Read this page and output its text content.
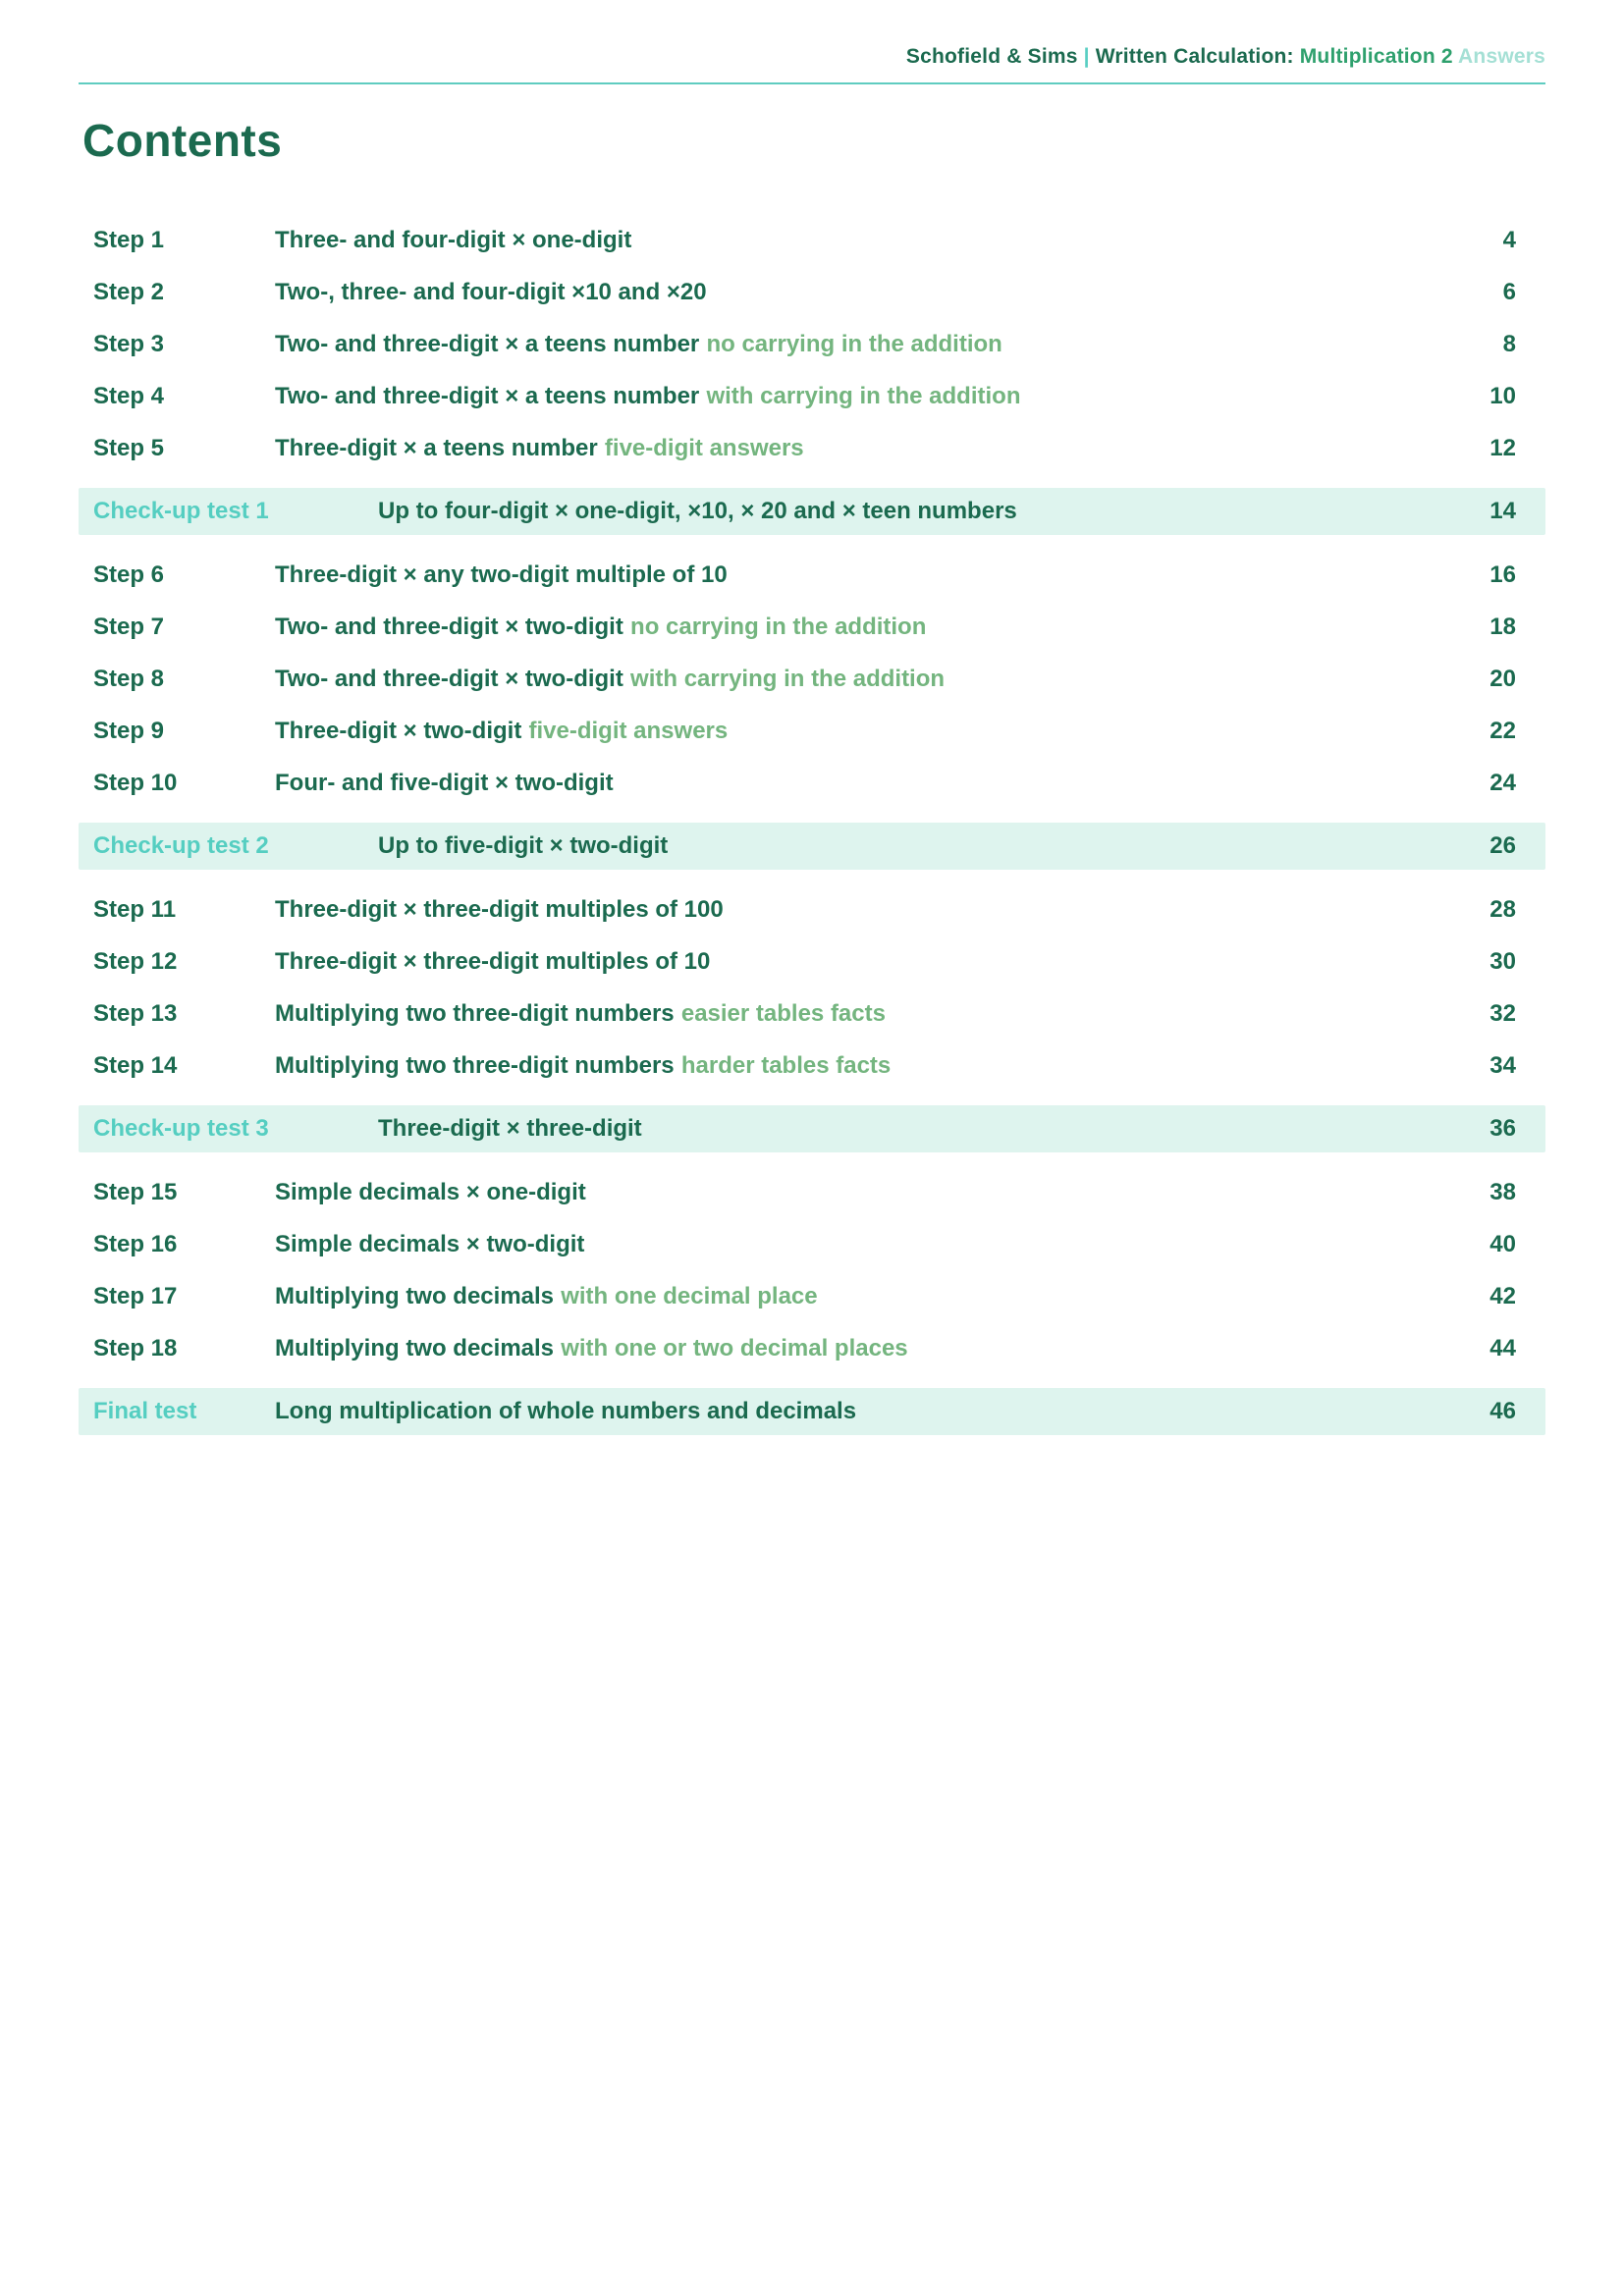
Schofield & Sims | Written Calculation: Multiplication 2 Answers
Contents
Step 1	Three- and four-digit × one-digit	4
Step 2	Two-, three- and four-digit ×10 and ×20	6
Step 3	Two- and three-digit × a teens number no carrying in the addition	8
Step 4	Two- and three-digit × a teens number with carrying in the addition	10
Step 5	Three-digit × a teens number five-digit answers	12
Check-up test 1	Up to four-digit × one-digit, ×10, × 20 and × teen numbers	14
Step 6	Three-digit × any two-digit multiple of 10	16
Step 7	Two- and three-digit × two-digit no carrying in the addition	18
Step 8	Two- and three-digit × two-digit with carrying in the addition	20
Step 9	Three-digit × two-digit five-digit answers	22
Step 10	Four- and five-digit × two-digit	24
Check-up test 2	Up to five-digit × two-digit	26
Step 11	Three-digit × three-digit multiples of 100	28
Step 12	Three-digit × three-digit multiples of 10	30
Step 13	Multiplying two three-digit numbers easier tables facts	32
Step 14	Multiplying two three-digit numbers harder tables facts	34
Check-up test 3	Three-digit × three-digit	36
Step 15	Simple decimals × one-digit	38
Step 16	Simple decimals × two-digit	40
Step 17	Multiplying two decimals with one decimal place	42
Step 18	Multiplying two decimals with one or two decimal places	44
Final test	Long multiplication of whole numbers and decimals	46
